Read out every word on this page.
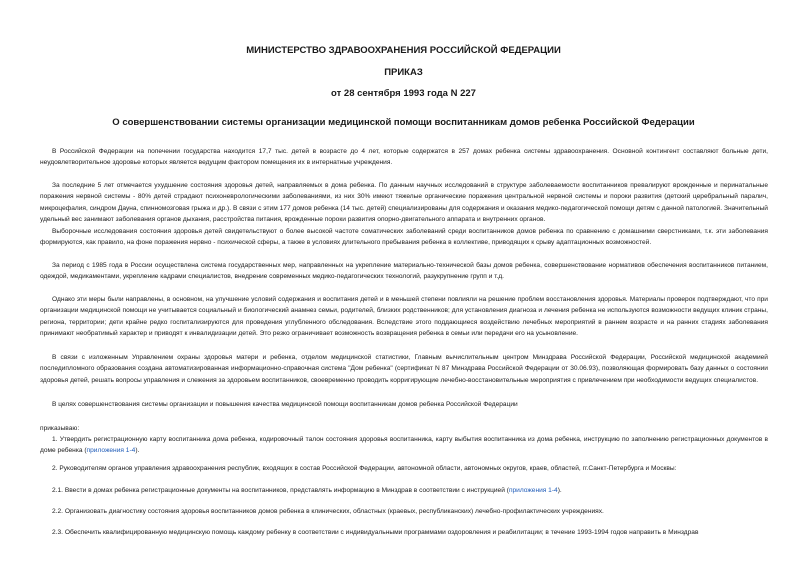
МИНИСТЕРСТВО ЗДРАВООХРАНЕНИЯ РОССИЙСКОЙ ФЕДЕРАЦИИ
ПРИКАЗ
от 28 сентября 1993 года N 227
О совершенствовании системы организации медицинской помощи воспитанникам домов ребенка Российской Федерации
В Российской Федерации на попечении государства находится 17,7 тыс. детей в возрасте до 4 лет, которые содержатся в 257 домах ребенка системы здравоохранения. Основной контингент составляют больные дети, неудовлетворительное здоровье которых является ведущим фактором помещения их в интернатные учреждения.
За последние 5 лет отмечается ухудшение состояния здоровья детей, направляемых в дома ребенка. По данным научных исследований в структуре заболеваемости воспитанников превалируют врожденные и перинатальные поражения нервной системы - 80% детей страдают психоневрологическими заболеваниями, из них 30% имеют тяжелые органические поражения центральной нервной системы и пороки развития (детский церебральный паралич, микроцефалия, синдром Дауна, спинномозговая грыжа и др.). В связи с этим 177 домов ребенка (14 тыс. детей) специализированы для содержания и оказания медико-педагогической помощи детям с данной патологией. Значительный удельный вес занимают заболевания органов дыхания, расстройства питания, врожденные пороки развития опорно-двигательного аппарата и внутренних органов.
Выборочные исследования состояния здоровья детей свидетельствуют о более высокой частоте соматических заболеваний среди воспитанников домов ребенка по сравнению с домашними сверстниками, т.к. эти заболевания формируются, как правило, на фоне поражения нервно - психической сферы, а также в условиях длительного пребывания ребенка в коллективе, приводящих к срыву адаптационных возможностей.
За период с 1985 года в России осуществлена система государственных мер, направленных на укрепление материально-технической базы домов ребенка, совершенствование нормативов обеспечения воспитанников питанием, одеждой, медикаментами, укрепление кадрами специалистов, внедрение современных медико-педагогических технологий, разукрупнение групп и т.д.
Однако эти меры были направлены, в основном, на улучшение условий содержания и воспитания детей и в меньшей степени повлияли на решение проблем восстановления здоровья. Материалы проверок подтверждают, что при организации медицинской помощи не учитывается социальный и биологический анамнез семьи, родителей, близких родственников; для установления диагноза и лечения ребенка не используются возможности ведущих клиник страны, региона, территории; дети крайне редко госпитализируются для проведения углубленного обследования. Вследствие этого поддающиеся воздействию лечебных мероприятий в раннем возрасте и на ранних стадиях заболевания принимают необратимый характер и приводят к инвалидизации детей. Это резко ограничивает возможность возвращения ребенка в семьи или передачи его на усыновление.
В связи с изложенным Управлением охраны здоровья матери и ребенка, отделом медицинской статистики, Главным вычислительным центром Минздрава Российской Федерации, Российской медицинской академией последипломного образования создана автоматизированная информационно-справочная система "Дом ребенка" (сертификат N 87 Минздрава Российской Федерации от 30.06.93), позволяющая формировать базу данных о состоянии здоровья детей, решать вопросы управления и слежения за здоровьем воспитанников, своевременно проводить корригирующие лечебно-восстановительные мероприятия с привлечением при необходимости ведущих специалистов.
В целях совершенствования системы организации и повышения качества медицинской помощи воспитанникам домов ребенка Российской Федерации
приказываю:
1. Утвердить регистрационную карту воспитанника дома ребенка, кодировочный талон состояния здоровья воспитанника, карту выбытия воспитанника из дома ребенка, инструкцию по заполнению регистрационных документов в доме ребенка (приложения 1-4).
2. Руководителям органов управления здравоохранения республик, входящих в состав Российской Федерации, автономной области, автономных округов, краев, областей, гг.Санкт-Петербурга и Москвы:
2.1. Ввести в домах ребенка регистрационные документы на воспитанников, представлять информацию в Минздрав в соответствии с инструкцией (приложения 1-4).
2.2. Организовать диагностику состояния здоровья воспитанников домов ребенка в клинических, областных (краевых, республиканских) лечебно-профилактических учреждениях.
2.3. Обеспечить квалифицированную медицинскую помощь каждому ребенку в соответствии с индивидуальными программами оздоровления и реабилитации; в течение 1993-1994 годов направить в Минздрав
